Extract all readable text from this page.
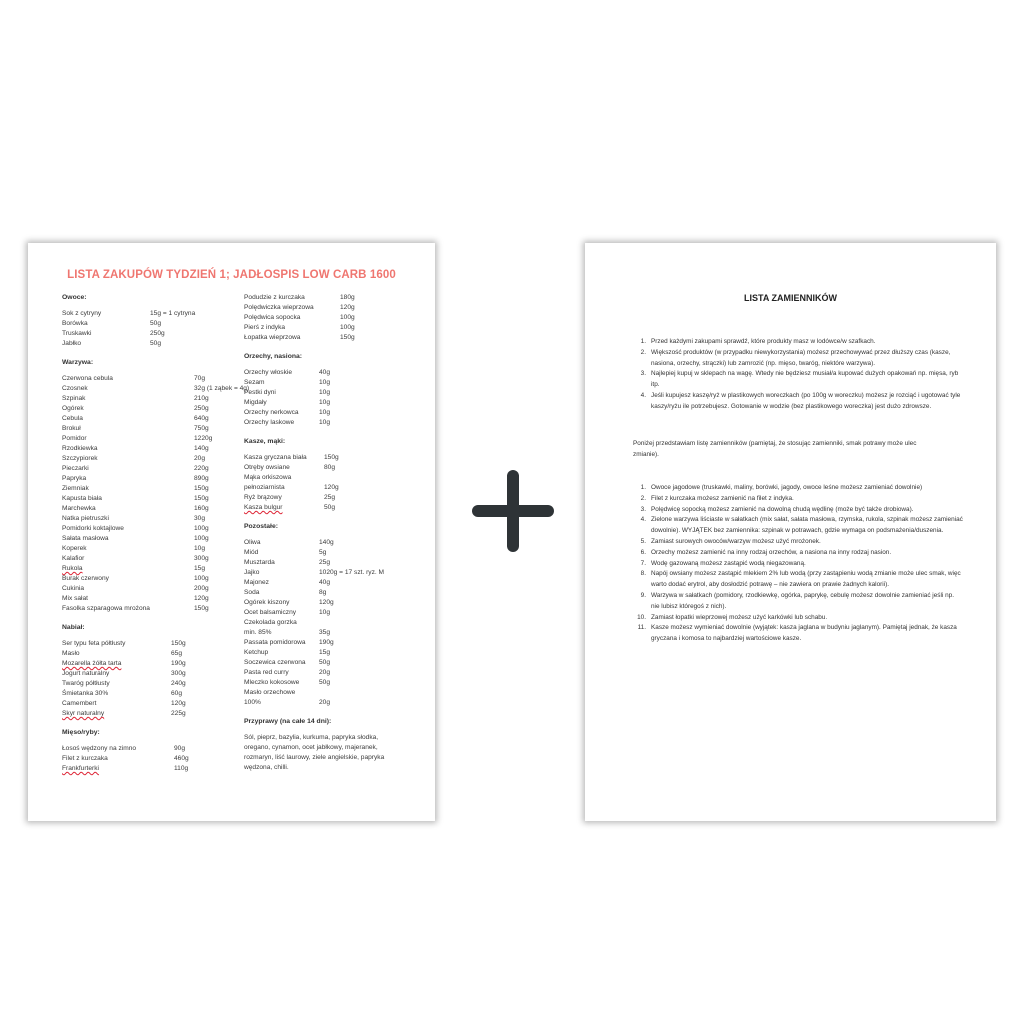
LISTA ZAKUPÓW TYDZIEŃ 1; JADŁOSPIS LOW CARB 1600
Owoce:
Sok z cytryny	15g = 1 cytryna
Borówka	50g
Truskawki	250g
Jabłko	50g
Warzywa:
Czerwona cebula	70g
Czosnek	32g (1 ząbek = 4g)
Szpinak	210g
Ogórek	250g
Cebula	640g
Brokuł	750g
Pomidor	1220g
Rzodkiewka	140g
Szczypiorek	20g
Pieczarki	220g
Papryka	890g
Ziemniak	150g
Kapusta biała	150g
Marchewka	160g
Natka pietruszki	30g
Pomidorki koktajlowe	100g
Sałata masłowa	100g
Koperek	10g
Kalafior	300g
Rukola	15g
Burak czerwony	100g
Cukinia	200g
Mix sałat	120g
Fasolka szparagowa mrożona	150g
Nabiał:
Ser typu feta półtłusty	150g
Masło	65g
Mozarella żółta tarta	190g
Jogurt naturalny	300g
Twaróg półtłusty	240g
Śmietanka 30%	60g
Camembert	120g
Skyr naturalny	225g
Mięso/ryby:
Łosoś wędzony na zimno	90g
Filet z kurczaka	460g
Frankfurterki	110g
Podudzie z kurczaka	180g
Polędwiczka wieprzowa	120g
Polędwica sopocka	100g
Pierś z indyka	100g
Łopatka wieprzowa	150g
Orzechy, nasiona:
Orzechy włoskie	40g
Sezam	10g
Pestki dyni	10g
Migdały	10g
Orzechy nerkowca	10g
Orzechy laskowe	10g
Kasze, mąki:
Kasza gryczana biała	150g
Otręby owsiane	80g
Mąka orkiszowa
pełnoziarnista	120g
Ryż brązowy	25g
Kasza bulgur	50g
Pozostałe:
Oliwa	140g
Miód	5g
Musztarda	25g
Jajko	1020g = 17 szt. ryz. M
Majonez	40g
Soda	8g
Ogórek kiszony	120g
Ocet balsamiczny	10g
Czekolada gorzka
min. 85%	35g
Passata pomidorowa	190g
Ketchup	15g
Soczewica czerwona	50g
Pasta red curry	20g
Mleczko kokosowe	50g
Masło orzechowe
100%	20g
Przyprawy (na całe 14 dni):
Sól, pieprz, bazylia, kurkuma, papryka słodka, oregano, cynamon, ocet jabłkowy, majeranek, rozmaryn, liść laurowy, ziele angielskie, papryka wędzona, chilli.
LISTA ZAMIENNIKÓW
1. Przed każdymi zakupami sprawdź, które produkty masz w lodówce/w szafkach.
2. Większość produktów (w przypadku niewykorzystania) możesz przechowywać przez dłuższy czas (kasze, nasiona, orzechy, strączki) lub zamrozić (np. mięso, twaróg, niektóre warzywa).
3. Najlepiej kupuj w sklepach na wagę. Wtedy nie będziesz musiał/a kupować dużych opakowań np. mięsa, ryb itp.
4. Jeśli kupujesz kaszę/ryż w plastikowych woreczkach (po 100g w woreczku) możesz je rozciąć i ugotować tyle kaszy/ryżu ile potrzebujesz. Gotowanie w wodzie (bez plastikowego woreczka) jest dużo zdrowsze.
Poniżej przedstawiam listę zamienników (pamiętaj, że stosując zamienniki, smak potrawy może ulec zmianie).
1. Owoce jagodowe (truskawki, maliny, borówki, jagody, owoce leśne możesz zamieniać dowolnie)
2. Filet z kurczaka możesz zamienić na filet z indyka.
3. Polędwicę sopocką możesz zamienić na dowolną chudą wędlinę (może być także drobiowa).
4. Zielone warzywa liściaste w sałatkach (mix sałat, sałata masłowa, rzymska, rukola, szpinak możesz zamieniać dowolnie). WYJĄTEK bez zamiennika: szpinak w potrawach, gdzie wymaga on podsmażenia/duszenia.
5. Zamiast surowych owoców/warzyw możesz użyć mrożonek.
6. Orzechy możesz zamienić na inny rodzaj orzechów, a nasiona na inny rodzaj nasion.
7. Wodę gazowaną możesz zastąpić wodą niegazowaną.
8. Napój owsiany możesz zastąpić mlekiem 2% lub wodą (przy zastąpieniu wodą zmianie może ulec smak, więc warto dodać erytrol, aby dosłodzić potrawę – nie zawiera on prawie żadnych kalorii).
9. Warzywa w sałatkach (pomidory, rzodkiewkę, ogórka, paprykę, cebulę możesz dowolnie zamieniać jeśli np. nie lubisz któregoś z nich).
10. Zamiast łopatki wieprzowej możesz użyć karkówki lub schabu.
11. Kasze możesz wymieniać dowolnie (wyjątek: kasza jaglana w budyniu jaglanym). Pamiętaj jednak, że kasza gryczana i komosa to najbardziej wartościowe kasze.
